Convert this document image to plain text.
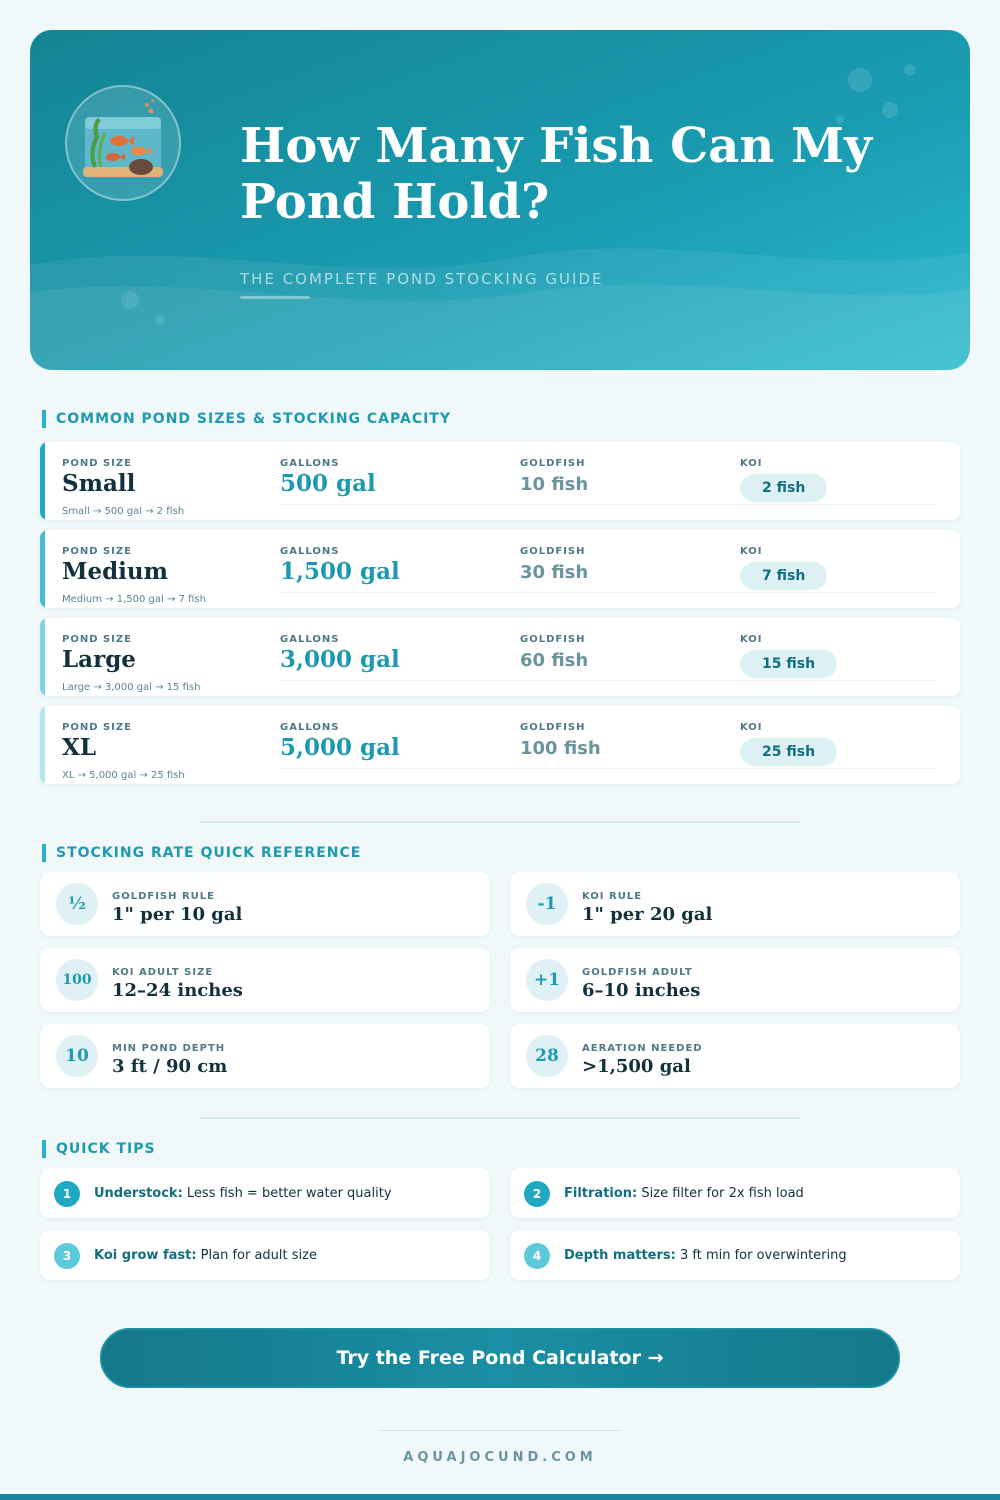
How Many Fish Can My Pond Hold?
THE COMPLETE POND STOCKING GUIDE
COMMON POND SIZES & STOCKING CAPACITY
POND SIZE	GALLONS	GOLDFISH	KOI
Small	500 gal	10 fish	2 fish
Small → 500 gal → 2 fish
POND SIZE	GALLONS	GOLDFISH	KOI
Medium	1,500 gal	30 fish	7 fish
Medium → 1,500 gal → 7 fish
POND SIZE	GALLONS	GOLDFISH	KOI
Large	3,000 gal	60 fish	15 fish
Large → 3,000 gal → 15 fish
POND SIZE	GALLONS	GOLDFISH	KOI
XL	5,000 gal	100 fish	25 fish
XL → 5,000 gal → 25 fish
STOCKING RATE QUICK REFERENCE
½	GOLDFISH RULE
1" per 10 gal	-1	KOI RULE
1" per 20 gal
100	KOI ADULT SIZE
12–24 inches	+1	GOLDFISH ADULT
6–10 inches
10	MIN POND DEPTH
3 ft / 90 cm	28	AERATION NEEDED
>1,500 gal
QUICK TIPS
1	Understock: Less fish = better water quality	2	Filtration: Size filter for 2x fish load
3	Koi grow fast: Plan for adult size	4	Depth matters: 3 ft min for overwintering
Try the Free Pond Calculator →
AQUAJOCUND.COM
